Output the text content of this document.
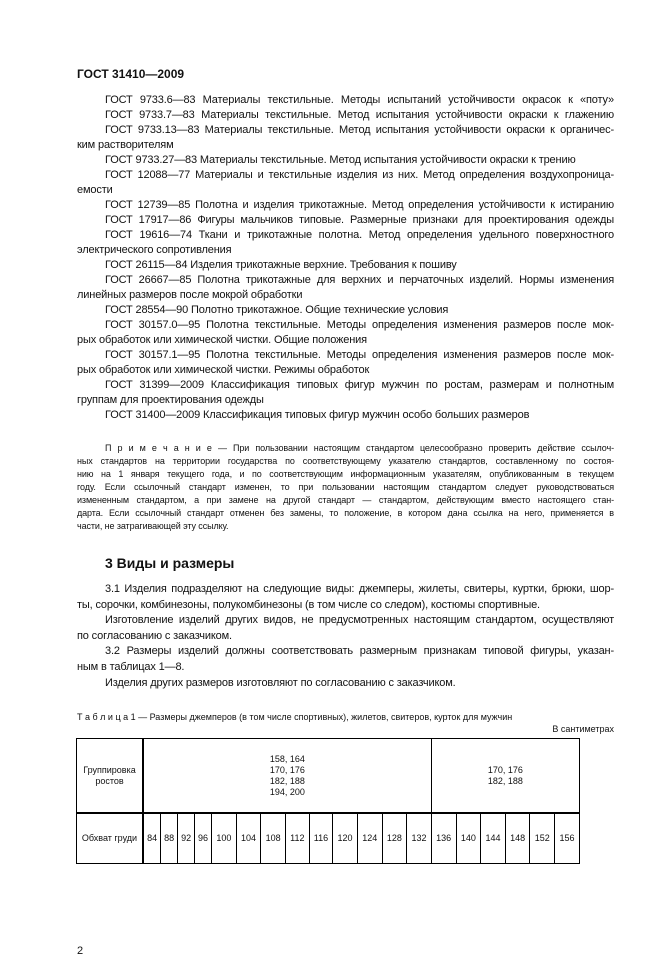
ГОСТ 31410—2009
ГОСТ 9733.6—83 Материалы текстильные. Методы испытаний устойчивости окрасок к «поту»
ГОСТ 9733.7—83 Материалы текстильные. Метод испытания устойчивости окраски к глажению
ГОСТ 9733.13—83 Материалы текстильные. Метод испытания устойчивости окраски к органичес-
ким растворителям
ГОСТ 9733.27—83 Материалы текстильные. Метод испытания устойчивости окраски к трению
ГОСТ 12088—77 Материалы и текстильные изделия из них. Метод определения воздухопроница-
емости
ГОСТ 12739—85 Полотна и изделия трикотажные. Метод определения устойчивости к истиранию
ГОСТ 17917—86 Фигуры мальчиков типовые. Размерные признаки для проектирования одежды
ГОСТ 19616—74 Ткани и трикотажные полотна. Метод определения удельного поверхностного
электрического сопротивления
ГОСТ 26115—84 Изделия трикотажные верхние. Требования к пошиву
ГОСТ 26667—85 Полотна трикотажные для верхних и перчаточных изделий. Нормы изменения
линейных размеров после мокрой обработки
ГОСТ 28554—90 Полотно трикотажное. Общие технические условия
ГОСТ 30157.0—95 Полотна текстильные. Методы определения изменения размеров после мок-
рых обработок или химической чистки. Общие положения
ГОСТ 30157.1—95 Полотна текстильные. Методы определения изменения размеров после мок-
рых обработок или химической чистки. Режимы обработок
ГОСТ 31399—2009 Классификация типовых фигур мужчин по ростам, размерам и полнотным
группам для проектирования одежды
ГОСТ 31400—2009 Классификация типовых фигур мужчин особо больших размеров
П р и м е ч а н и е — При пользовании настоящим стандартом целесообразно проверить действие ссылоч-
ных стандартов на территории государства по соответствующему указателю стандартов, составленному по состоя-
нию на 1 января текущего года, и по соответствующим информационным указателям, опубликованным в текущем
году. Если ссылочный стандарт изменен, то при пользовании настоящим стандартом следует руководствоваться
измененным стандартом, а при замене на другой стандарт — стандартом, действующим вместо настоящего стан-
дарта. Если ссылочный стандарт отменен без замены, то положение, в котором дана ссылка на него, применяется в
части, не затрагивающей эту ссылку.
3 Виды и размеры
3.1 Изделия подразделяют на следующие виды: джемперы, жилеты, свитеры, куртки, брюки, шор-
ты, сорочки, комбинезоны, полукомбинезоны (в том числе со следом), костюмы спортивные.
Изготовление изделий других видов, не предусмотренных настоящим стандартом, осуществляют
по согласованию с заказчиком.
3.2 Размеры изделий должны соответствовать размерным признакам типовой фигуры, указан-
ным в таблицах 1—8.
Изделия других размеров изготовляют по согласованию с заказчиком.
Т а б л и ц а 1 — Размеры джемперов (в том числе спортивных), жилетов, свитеров, курток для мужчин
В сантиметрах
Группировка ростов	158, 164
170, 176
182, 188
194, 200													170, 176
182, 188					
Обхват груди	84	88	92	96	100	104	108	112	116	120	124	128	132	136	140	144	148	152	156
2
